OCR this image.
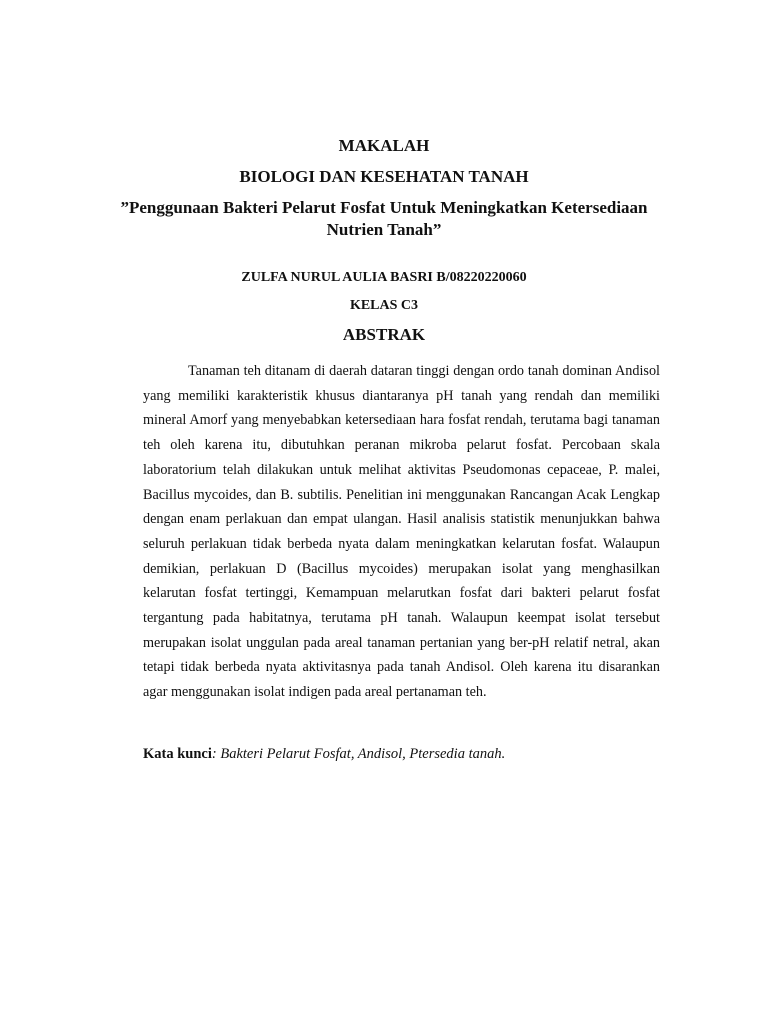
MAKALAH
BIOLOGI DAN KESEHATAN TANAH
”Penggunaan Bakteri Pelarut Fosfat Untuk Meningkatkan Ketersediaan Nutrien Tanah”
ZULFA NURUL AULIA BASRI B/08220220060
KELAS C3
ABSTRAK

Tanaman teh ditanam di daerah dataran tinggi dengan ordo tanah dominan Andisol yang memiliki karakteristik khusus diantaranya pH tanah yang rendah dan memiliki mineral Amorf yang menyebabkan ketersediaan hara fosfat rendah, terutama bagi tanaman teh oleh karena itu, dibutuhkan peranan mikroba pelarut fosfat. Percobaan skala laboratorium telah dilakukan untuk melihat aktivitas Pseudomonas cepaceae, P. malei, Bacillus mycoides, dan B. subtilis. Penelitian ini menggunakan Rancangan Acak Lengkap dengan enam perlakuan dan empat ulangan. Hasil analisis statistik menunjukkan bahwa seluruh perlakuan tidak berbeda nyata dalam meningkatkan kelarutan fosfat. Walaupun demikian, perlakuan D (Bacillus mycoides) merupakan isolat yang menghasilkan kelarutan fosfat tertinggi, Kemampuan melarutkan fosfat dari bakteri pelarut fosfat tergantung pada habitatnya, terutama pH tanah. Walaupun keempat isolat tersebut merupakan isolat unggulan pada areal tanaman pertanian yang ber-pH relatif netral, akan tetapi tidak berbeda nyata aktivitasnya pada tanah Andisol. Oleh karena itu disarankan agar menggunakan isolat indigen pada areal pertanaman teh.

Kata kunci: Bakteri Pelarut Fosfat, Andisol, Ptersedia tanah.
